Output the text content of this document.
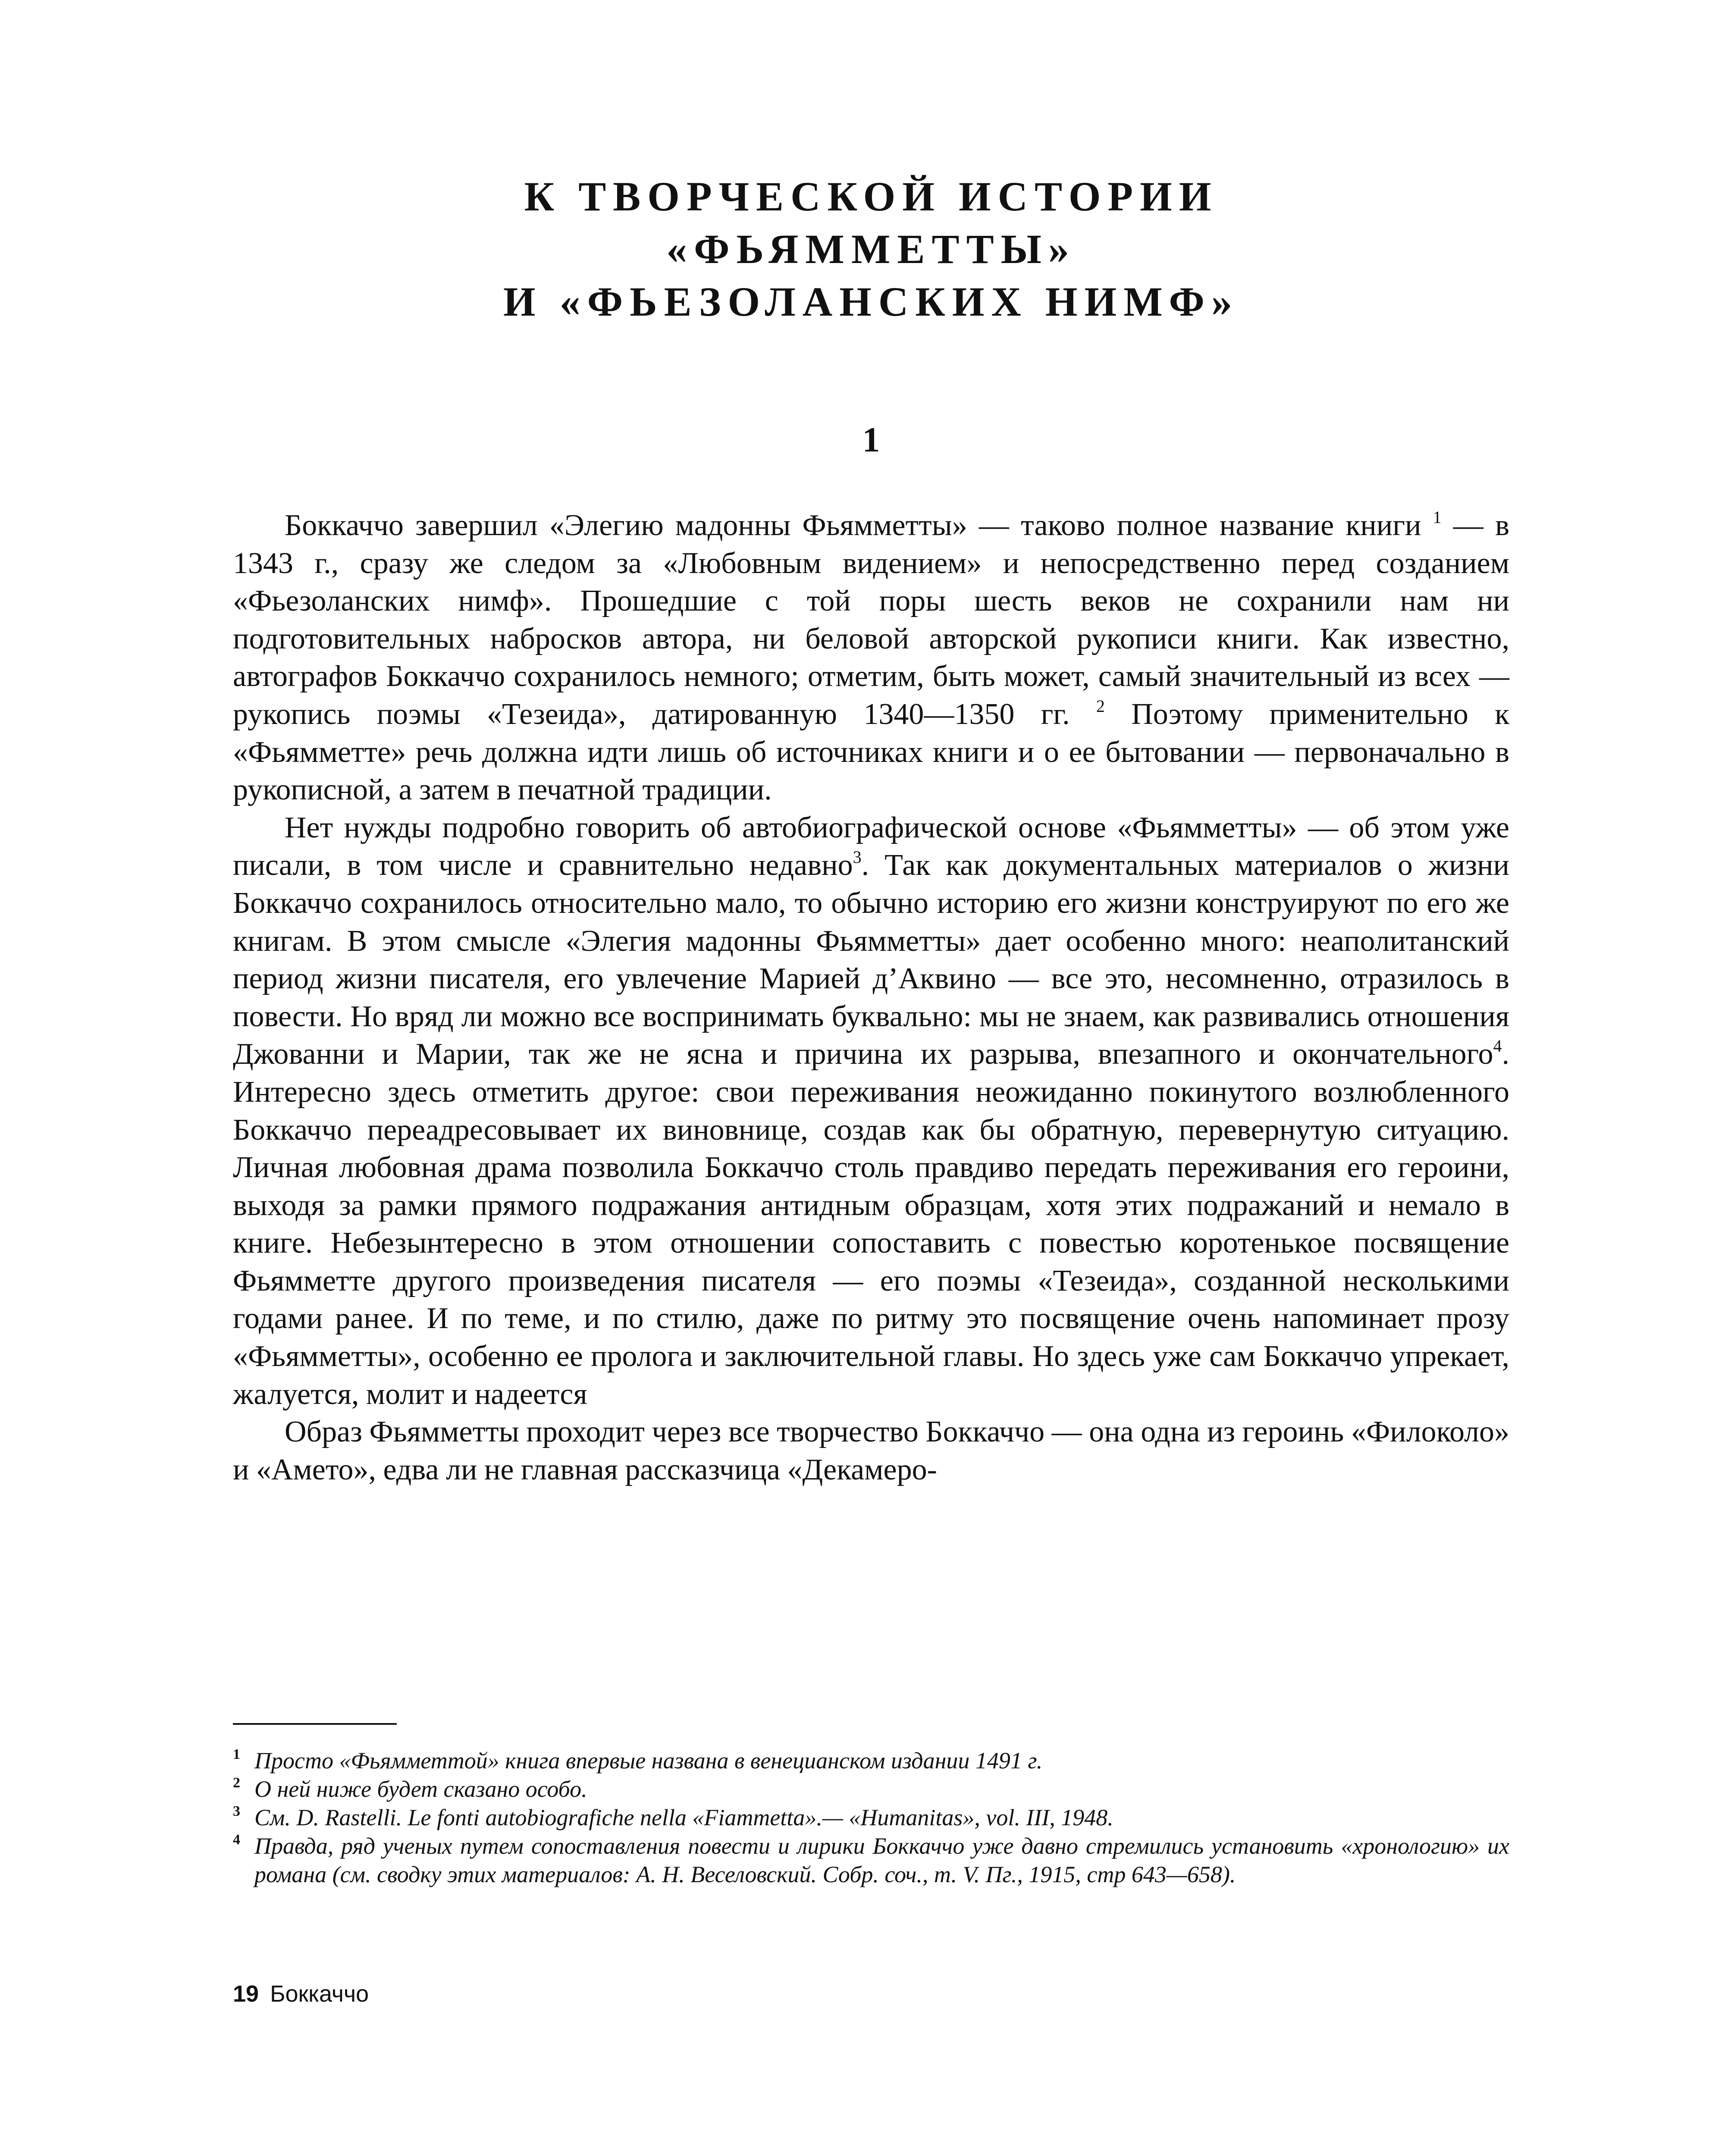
К ТВОРЧЕСКОЙ ИСТОРИИ
«ФЬЯММЕТТЫ»
И «ФЬЕЗОЛАНСКИХ НИМФ»
1

Боккаччо завершил «Элегию мадонны Фьямметты» — таково полное название книги $^1$ — в 1343 г., сразу же следом за «Любовным видением» и непосредственно перед созданием «Фьезоланских нимф». Прошедшие с той поры шесть веков не сохранили нам ни подготовительных набросков автора, ни беловой авторской рукописи книги. Как известно, автографов Боккаччо сохранилось немного; отметим, быть может, самый значительный из всех — рукопись поэмы «Тезеида», датированную 1340—1350 гг. $^2$ Поэтому применительно к «Фьямметте» речь должна идти лишь об источниках книги и о ее бытовании — первоначально в рукописной, а затем в печатной традиции.

Нет нужды подробно говорить об автобиографической основе «Фьямметты» — об этом уже писали, в том числе и сравнительно недавно$^3$. Так как документальных материалов о жизни Боккаччо сохранилось относительно мало, то обычно историю его жизни конструируют по его же книгам. В этом смысле «Элегия мадонны Фьямметты» дает особенно много: неаполитанский период жизни писателя, его увлечение Марией д’Аквино — все это, несомненно, отразилось в повести. Но вряд ли можно все воспринимать буквально: мы не знаем, как развивались отношения Джованни и Марии, так же не ясна и причина их разрыва, впезапного и окончательного$^4$. Интересно здесь отметить другое: свои переживания неожиданно покинутого возлюбленного Боккаччо переадресовывает их виновнице, создав как бы обратную, перевернутую ситуацию. Личная любовная драма позволила Боккаччо столь правдиво передать переживания его героини, выходя за рамки прямого подражания антидным образцам, хотя этих подражаний и немало в книге. Небезынтересно в этом отношении сопоставить с повестью коротенькое посвящение Фьямметте другого произведения писателя — его поэмы «Тезеида», созданной несколькими годами ранее. И по теме, и по стилю, даже по ритму это посвящение очень напоминает прозу «Фьямметты», особенно ее пролога и заключительной главы. Но здесь уже сам Боккаччо упрекает, жалуется, молит и надеется

Образ Фьямметты проходит через все творчество Боккаччо — она одна из героинь «Филоколо» и «Амето», едва ли не главная рассказчица «Декамеро-

1 Просто «Фьямметтой» книга впервые названа в венецианском издании 1491 г.

2 О ней ниже будет сказано особо.

3 См. D. Rastelli. Le fonti autobiografiche nella «Fiammetta».— «Humanitas», vol. III, 1948.

4 Правда, ряд ученых путем сопоставления повести и лирики Боккаччо уже давно стремились установить «хронологию» их романа (см. сводку этих материалов: А. Н. Веселовский. Собр. соч., т. V. Пг., 1915, стр 643—658).

19 Боккаччо
